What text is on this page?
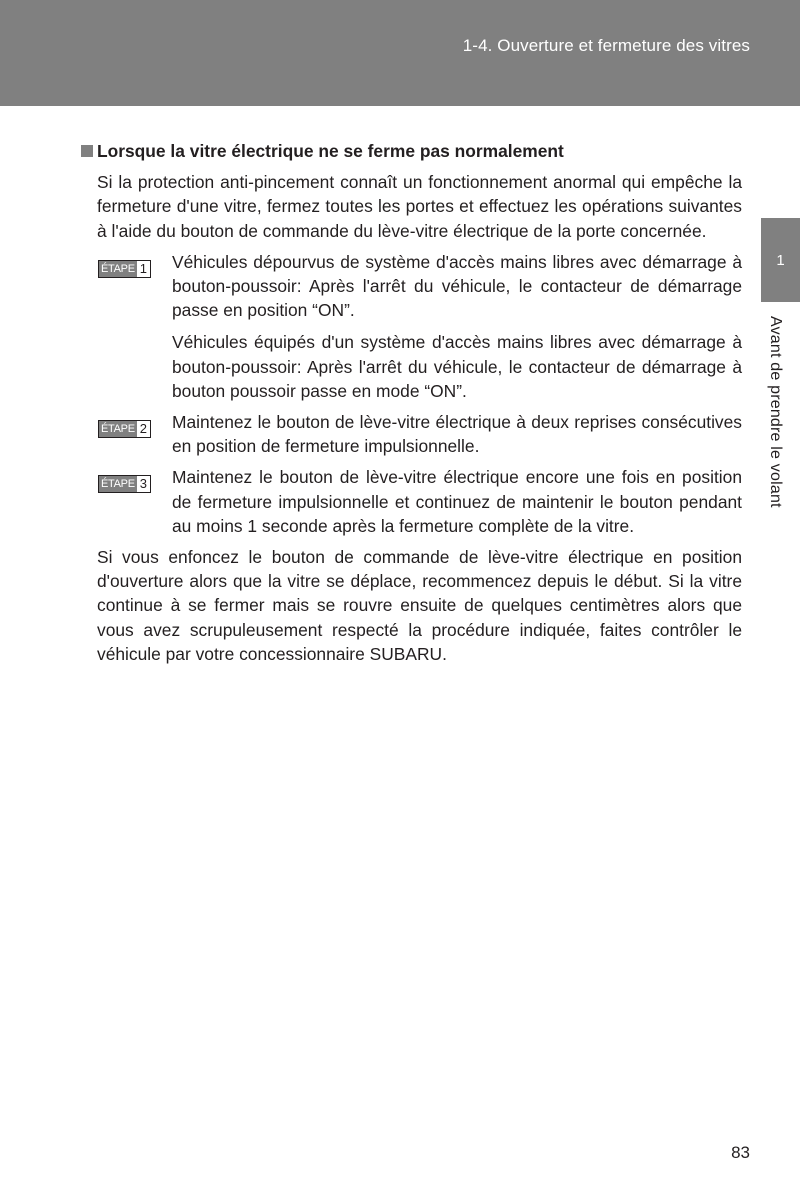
1-4. Ouverture et fermeture des vitres
1
Avant de prendre le volant

Lorsque la vitre électrique ne se ferme pas normalement

Si la protection anti-pincement connaît un fonctionnement anormal qui empêche la fermeture d'une vitre, fermez toutes les portes et effectuez les opérations suivantes à l'aide du bouton de commande du lève-vitre électrique de la porte concernée.

ÉTAPE 1 Véhicules dépourvus de système d'accès mains libres avec démarrage à bouton-poussoir: Après l'arrêt du véhicule, le contacteur de démarrage passe en position “ON”.

Véhicules équipés d'un système d'accès mains libres avec démarrage à bouton-poussoir: Après l'arrêt du véhicule, le contacteur de démarrage à bouton poussoir passe en mode “ON”.

ÉTAPE 2 Maintenez le bouton de lève-vitre électrique à deux reprises consécutives en position de fermeture impulsionnelle.

ÉTAPE 3 Maintenez le bouton de lève-vitre électrique encore une fois en position de fermeture impulsionnelle et continuez de maintenir le bouton pendant au moins 1 seconde après la fermeture complète de la vitre.

Si vous enfoncez le bouton de commande de lève-vitre électrique en position d'ouverture alors que la vitre se déplace, recommencez depuis le début. Si la vitre continue à se fermer mais se rouvre ensuite de quelques centimètres alors que vous avez scrupuleusement respecté la procédure indiquée, faites contrôler le véhicule par votre concessionnaire SUBARU.

83
